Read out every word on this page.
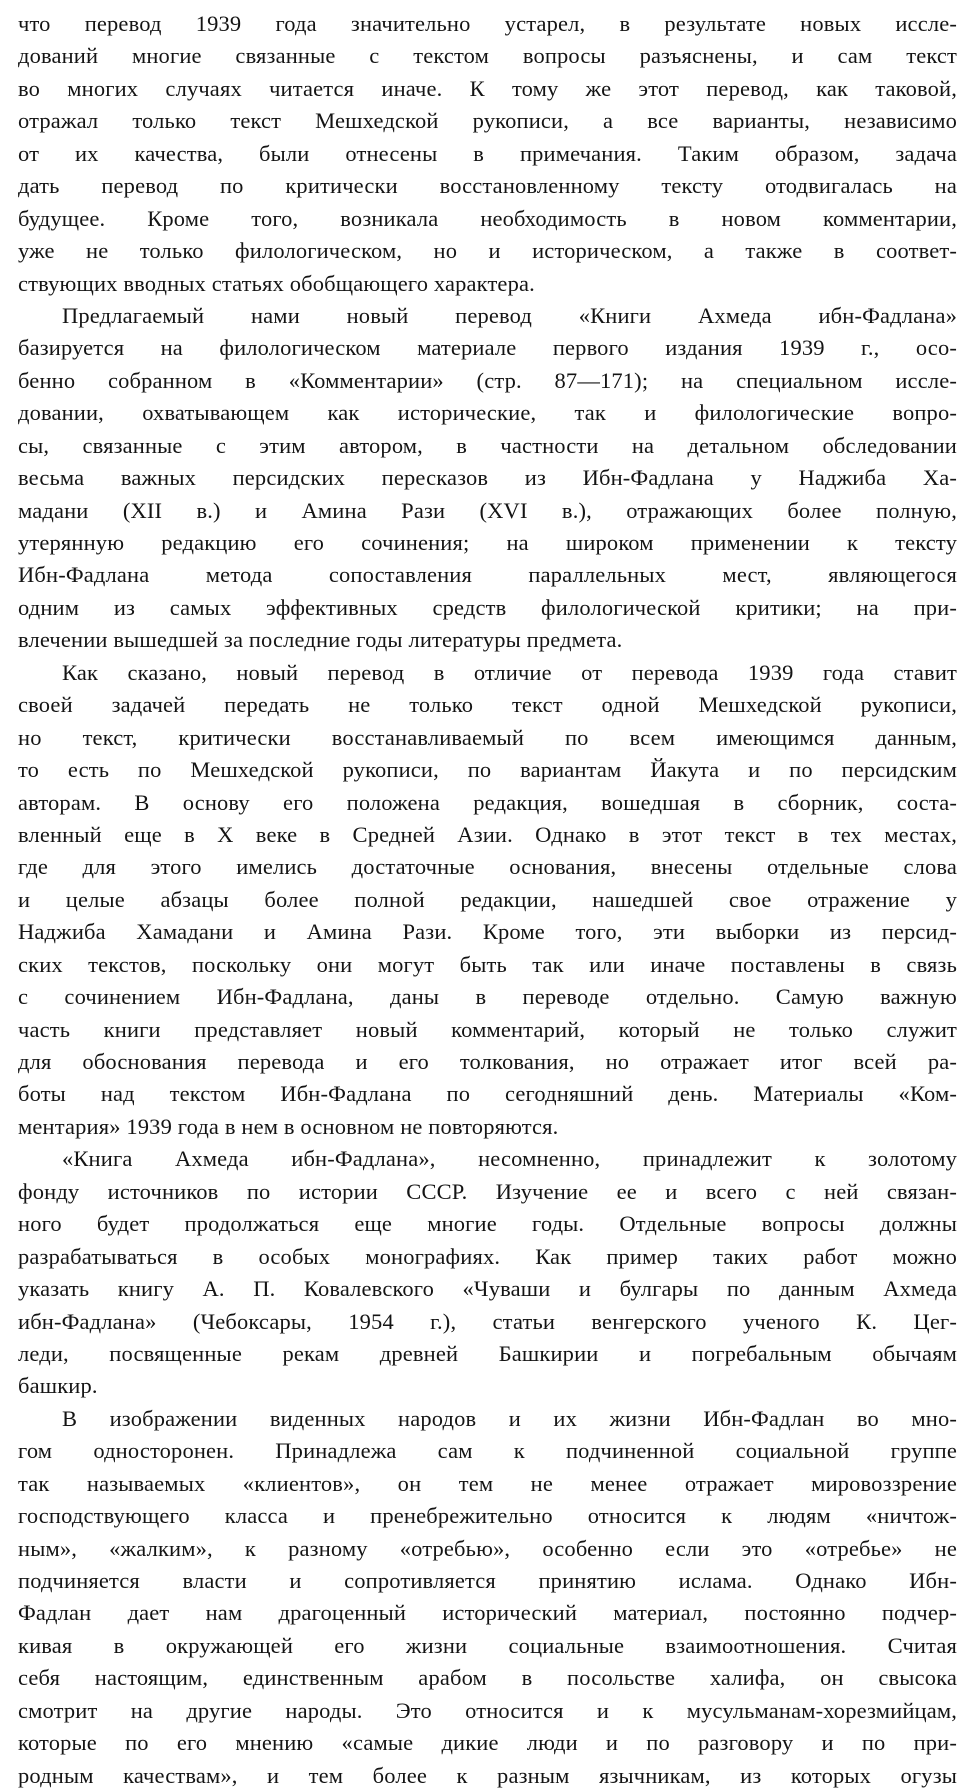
что перевод 1939 года значительно устарел, в результате новых иссле-
дований многие связанные с текстом вопросы разъяснены, и сам текст
во многих случаях читается иначе. К тому же этот перевод, как таковой,
отражал только текст Мешхедской рукописи, а все варианты, независимо
от их качества, были отнесены в примечания. Таким образом, задача
дать перевод по критически восстановленному тексту отодвигалась на
будущее. Кроме того, возникала необходимость в новом комментарии,
уже не только филологическом, но и историческом, а также в соответ-
ствующих вводных статьях обобщающего характера.
Предлагаемый нами новый перевод «Книги Ахмеда ибн-Фадлана»
базируется на филологическом материале первого издания 1939 г., осо-
бенно собранном в «Комментарии» (стр. 87—171); на специальном иссле-
довании, охватывающем как исторические, так и филологические вопро-
сы, связанные с этим автором, в частности на детальном обследовании
весьма важных персидских пересказов из Ибн-Фадлана у Наджиба Ха-
мадани (XII в.) и Амина Рази (XVI в.), отражающих более полную,
утерянную редакцию его сочинения; на широком применении к тексту
Ибн-Фадлана метода сопоставления параллельных мест, являющегося
одним из самых эффективных средств филологической критики; на при-
влечении вышедшей за последние годы литературы предмета.
Как сказано, новый перевод в отличие от перевода 1939 года ставит
своей задачей передать не только текст одной Мешхедской рукописи,
но текст, критически восстанавливаемый по всем имеющимся данным,
то есть по Мешхедской рукописи, по вариантам Йакута и по персидским
авторам. В основу его положена редакция, вошедшая в сборник, соста-
вленный еще в X веке в Средней Азии. Однако в этот текст в тех местах,
где для этого имелись достаточные основания, внесены отдельные слова
и целые абзацы более полной редакции, нашедшей свое отражение у
Наджиба Хамадани и Амина Рази. Кроме того, эти выборки из персид-
ских текстов, поскольку они могут быть так или иначе поставлены в связь
с сочинением Ибн-Фадлана, даны в переводе отдельно. Самую важную
часть книги представляет новый комментарий, который не только служит
для обоснования перевода и его толкования, но отражает итог всей ра-
боты над текстом Ибн-Фадлана по сегодняшний день. Материалы «Ком-
ментария» 1939 года в нем в основном не повторяются.
«Книга Ахмеда ибн-Фадлана», несомненно, принадлежит к золотому
фонду источников по истории СССР. Изучение ее и всего с ней связан-
ного будет продолжаться еще многие годы. Отдельные вопросы должны
разрабатываться в особых монографиях. Как пример таких работ можно
указать книгу А. П. Ковалевского «Чуваши и булгары по данным Ахмеда
ибн-Фадлана» (Чебоксары, 1954 г.), статьи венгерского ученого К. Цег-
леди, посвященные рекам древней Башкирии и погребальным обычаям
башкир.
В изображении виденных народов и их жизни Ибн-Фадлан во мно-
гом односторонен. Принадлежа сам к подчиненной социальной группе
так называемых «клиентов», он тем не менее отражает мировоззрение
господствующего класса и пренебрежительно относится к людям «ничтож-
ным», «жалким», к разному «отребью», особенно если это «отребье» не
подчиняется власти и сопротивляется принятию ислама. Однако Ибн-
Фадлан дает нам драгоценный исторический материал, постоянно подчер-
кивая в окружающей его жизни социальные взаимоотношения. Считая
себя настоящим, единственным арабом в посольстве халифа, он свысока
смотрит на другие народы. Это относится и к мусульманам-хорезмийцам,
которые по его мнению «самые дикие люди и по разговору и по при-
родным качествам», и тем более к разным язычникам, из которых огузы
